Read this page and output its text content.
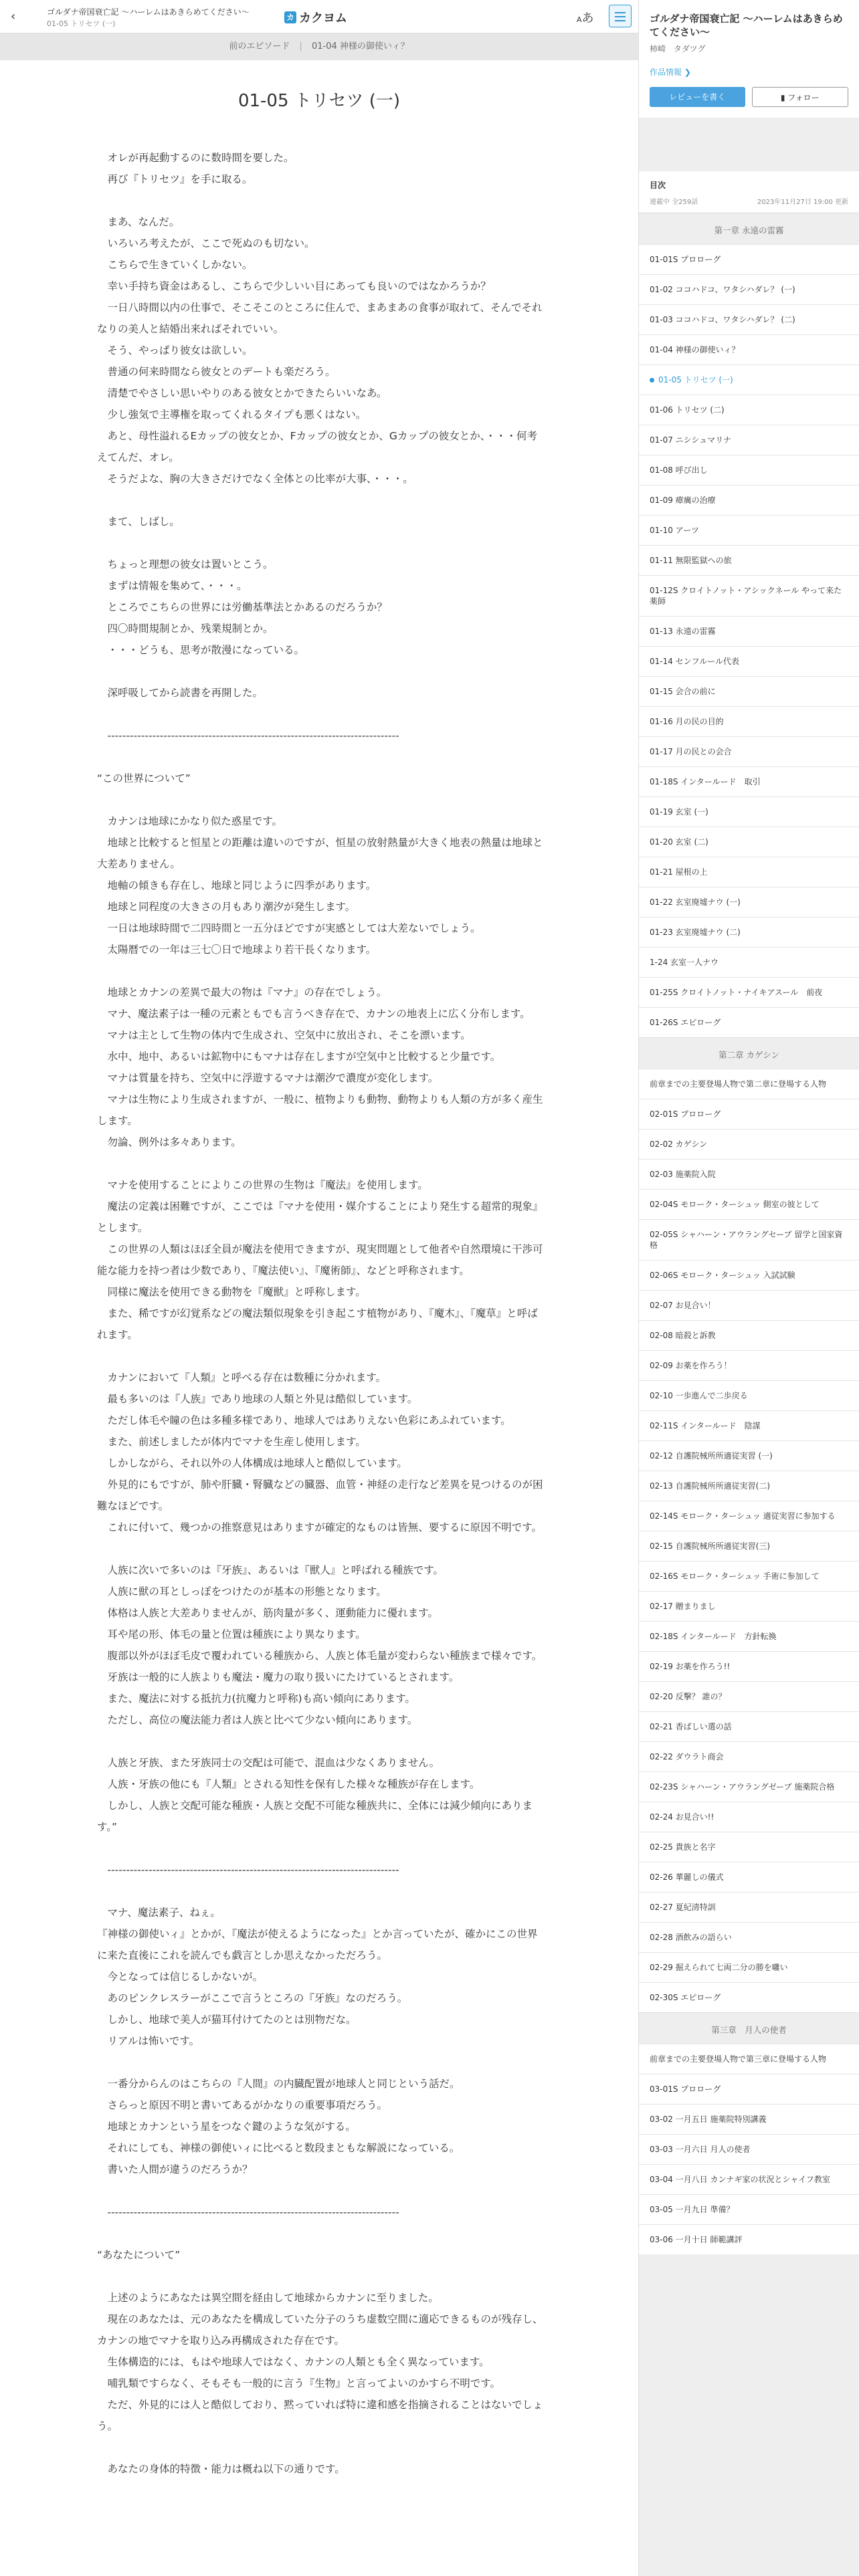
‹	ゴルダナ帝国衰亡記 〜ハーレムはあきらめてください〜
01-05 トリセツ (一)
カ カクヨム	Aあ
前のエピソード | 01-04 神様の御使いィ？
01-05 トリセツ (一)

　オレが再起動するのに数時間を要した。

　再び『トリセツ』を手に取る。

　まあ、なんだ。

　いろいろ考えたが、ここで死ぬのも切ない。

　こちらで生きていくしかない。

　幸い手持ち資金はあるし、こちらで少しいい目にあっても良いのではなかろうか？

　一日八時間以内の仕事で、そこそこのところに住んで、まあまあの食事が取れて、そんでそれなりの美人と結婚出来ればそれでいい。

　そう、やっぱり彼女は欲しい。

　普通の何来時間なら彼女とのデートも楽だろう。

　清楚でやさしい思いやりのある彼女とかできたらいいなあ。

　少し強気で主導権を取ってくれるタイプも悪くはない。

　あと、母性溢れるEカップの彼女とか、Fカップの彼女とか、Gカップの彼女とか、・・・何考えてんだ、オレ。

　そうだよな、胸の大きさだけでなく全体との比率が大事、・・・。

　まて、しばし。

　ちょっと理想の彼女は置いとこう。

　まずは情報を集めて、・・・。

　ところでこちらの世界には労働基準法とかあるのだろうか？

　四〇時間規制とか、残業規制とか。

　・・・どうも、思考が散漫になっている。

　深呼吸してから読書を再開した。

　------------------------------------------------------------------------------

“この世界について”

　カナンは地球にかなり似た惑星です。

　地球と比較すると恒星との距離は違いのですが、恒星の放射熱量が大きく地表の熱量は地球と大差ありません。

　地軸の傾きも存在し、地球と同じように四季があります。

　地球と同程度の大きさの月もあり潮汐が発生します。

　一日は地球時間で二四時間と一五分ほどですが実感としては大差ないでしょう。

　太陽暦での一年は三七〇日で地球より若干長くなります。

　地球とカナンの差異で最大の物は『マナ』の存在でしょう。

　マナ、魔法素子は一種の元素ともでも言うべき存在で、カナンの地表上に広く分布します。

　マナは主として生物の体内で生成され、空気中に放出され、そこを漂います。

　水中、地中、あるいは鉱物中にもマナは存在しますが空気中と比較すると少量です。

　マナは質量を持ち、空気中に浮遊するマナは潮汐で濃度が変化します。

　マナは生物により生成されますが、一般に、植物よりも動物、動物よりも人類の方が多く産生します。

　勿論、例外は多々あります。

　マナを使用することによりこの世界の生物は『魔法』を使用します。

　魔法の定義は困難ですが、ここでは『マナを使用・媒介することにより発生する超常的現象』とします。

　この世界の人類はほぼ全員が魔法を使用できますが、現実問題として他者や自然環境に干渉可能な能力を持つ者は少数であり、『魔法使い』、『魔術師』、などと呼称されます。

　同様に魔法を使用できる動物を『魔獣』と呼称します。

　また、稀ですが幻覚系などの魔法類似現象を引き起こす植物があり、『魔木』、『魔草』と呼ばれます。

　カナンにおいて『人類』と呼べる存在は数種に分かれます。

　最も多いのは『人族』であり地球の人類と外見は酷似しています。

　ただし体毛や瞳の色は多種多様であり、地球人ではありえない色彩にあふれています。

　また、前述しましたが体内でマナを生産し使用します。

　しかしながら、それ以外の人体構成は地球人と酷似しています。

　外見的にもですが、肺や肝臓・腎臓などの臓器、血管・神経の走行など差異を見つけるのが困難なほどです。

　これに付いて、幾つかの推察意見はありますが確定的なものは皆無、要するに原因不明です。

　人族に次いで多いのは『牙族』、あるいは『獣人』と呼ばれる種族です。

　人族に獣の耳としっぽをつけたのが基本の形態となります。

　体格は人族と大差ありませんが、筋肉量が多く、運動能力に優れます。

　耳や尾の形、体毛の量と位置は種族により異なります。

　腹部以外がほぼ毛皮で覆われている種族から、人族と体毛量が変わらない種族まで様々です。

　牙族は一般的に人族よりも魔法・魔力の取り扱いにたけているとされます。

　また、魔法に対する抵抗力(抗魔力と呼称)も高い傾向にあります。

　ただし、高位の魔法能力者は人族と比べて少ない傾向にあります。

　人族と牙族、また牙族同士の交配は可能で、混血は少なくありません。

　人族・牙族の他にも『人類』とされる知性を保有した様々な種族が存在します。

　しかし、人族と交配可能な種族・人族と交配不可能な種族共に、全体には減少傾向にあります。”

　------------------------------------------------------------------------------

　マナ、魔法素子、ねぇ。

『神様の御使いィ』とかが、『魔法が使えるようになった』とか言っていたが、確かにこの世界に来た直後にこれを読んでも戯言としか思えなかっただろう。

　今となっては信じるしかないが。

　あのピンクレスラーがここで言うところの『牙族』なのだろう。

　しかし、地球で美人が猫耳付けてたのとは別物だな。

　リアルは怖いです。

　一番分からんのはこちらの『人間』の内臓配置が地球人と同じという話だ。

　さらっと原因不明と書いてあるがかなりの重要事項だろう。

　地球とカナンという星をつなぐ鍵のような気がする。

　それにしても、神様の御使いィに比べると数段まともな解説になっている。

　書いた人間が違うのだろうか？

　------------------------------------------------------------------------------

“あなたについて”

　上述のようにあなたは異空間を経由して地球からカナンに至りました。

　現在のあなたは、元のあなたを構成していた分子のうち虚数空間に適応できるものが残存し、カナンの地でマナを取り込み再構成された存在です。

　生体構造的には、もはや地球人ではなく、カナンの人類とも全く異なっています。

　哺乳類ですらなく、そもそも一般的に言う『生物』と言ってよいのかすら不明です。

　ただ、外見的には人と酷似しており、黙っていれば特に違和感を指摘されることはないでしょう。

　あなたの身体的特徴・能力は概ね以下の通りです。

ゴルダナ帝国衰亡記 〜ハーレムはあきらめてください〜
柿崎　タダツグ
作品情報 ❯
レビューを書く	▮ フォロー
目次
連載中 全259話	2023年11月27日 19:00 更新
第一章 永遠の雷霧
01-01S プロローグ
01-02 ココハドコ、ワタシハダレ？ (一)
01-03 ココハドコ、ワタシハダレ？ (二)
01-04 神様の御使いィ？
01-05 トリセツ (一)
01-06 トリセツ (二)
01-07 ニシシュマリナ
01-08 呼び出し
01-09 瘴癘の治療
01-10 アーツ
01-11 無限監獄への旅
01-12S クロイトノット・アシックネール やって来た薬師
01-13 永遠の雷霧
01-14 センフルール代表
01-15 会合の前に
01-16 月の民の目的
01-17 月の民との会合
01-18S インタールード　取引
01-19 玄室 (一)
01-20 玄室 (二)
01-21 屋根の上
01-22 玄室廃墟ナウ (一)
01-23 玄室廃墟ナウ (二)
1-24 玄室一人ナウ
01-25S クロイトノット・ナイキアスール　前夜
01-26S エピローグ
第二章 カゲシン
前章までの主要登場人物で第二章に登場する人物
02-01S プロローグ
02-02 カゲシン
02-03 施薬院入院
02-04S モローク・ターシュッ 側室の彼として
02-05S シャハーン・アウラングセーブ 留学と国家資格
02-06S モローク・ターシュッ 入試試験
02-07 お見合い！
02-08 暗殺と訴教
02-09 お薬を作ろう！
02-10 一歩進んで二歩戻る
02-11S インタールード　陰謀
02-12 自護院械所所適従実習 (一)
02-13 自護院械所所適従実習(二)
02-14S モローク・ターシュッ 適従実習に参加する
02-15 自護院械所所適従実習(三)
02-16S モローク・ターシュッ 手術に参加して
02-17 贈まりまし
02-18S インタールード　方針転換
02-19 お薬を作ろう!!
02-20 反撃？ 誰の？
02-21 香ばしい選の話
02-22 ダウラト商会
02-23S シャハーン・アウラングゼーブ 施薬院合格
02-24 お見合い!!
02-25 貴族と名字
02-26 華麗しの儀式
02-27 夏紀清特訓
02-28 酒飲みの語らい
02-29 掘えられて七両二分の勝を囃い
02-30S エピローグ
第三章　月人の使者
前章までの主要登場人物で第三章に登場する人物
03-01S プロローグ
03-02 一月五日 施薬院特別講義
03-03 一月六日 月人の使者
03-04 一月八日 カンナギ家の状況とシャイフ教室
03-05 一月九日 準備？
03-06 一月十日 師範講評
